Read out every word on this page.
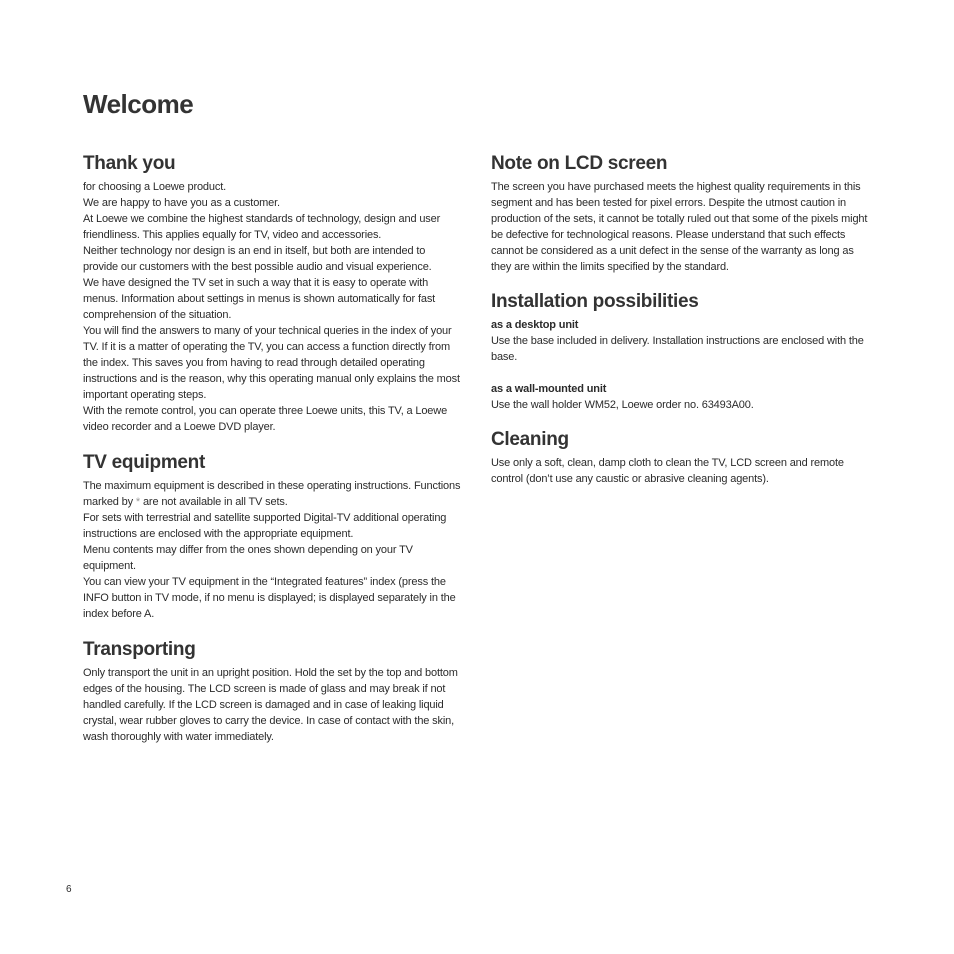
Welcome
Thank you

for choosing a Loewe product.

We are happy to have you as a customer.

At Loewe we combine the highest standards of technology, design and user friendliness. This applies equally for TV, video and accessories.

Neither technology nor design is an end in itself, but both are intended to provide our customers with the best possible audio and visual experience.

We have designed the TV set in such a way that it is easy to operate with menus. Information about settings in menus is shown automatically for fast comprehension of the situation.

You will find the answers to many of your technical queries in the index of your TV. If it is a matter of operating the TV, you can access a function directly from the index. This saves you from having to read through detailed operating instructions and is the reason, why this operating manual only explains the most important operating steps.

With the remote control, you can operate three Loewe units, this TV, a Loewe video recorder and a Loewe DVD player.

TV equipment

The maximum equipment is described in these operating instructions. Functions marked by * are not available in all TV sets.

For sets with terrestrial and satellite supported Digital-TV additional operating instructions are enclosed with the appropriate equipment.

Menu contents may differ from the ones shown depending on your TV equipment.

You can view your TV equipment in the “Integrated features” index (press the INFO button in TV mode, if no menu is displayed; is displayed separately in the index before A.

Transporting

Only transport the unit in an upright position. Hold the set by the top and bottom edges of the housing. The LCD screen is made of glass and may break if not handled carefully. If the LCD screen is damaged and in case of leaking liquid crystal, wear rubber gloves to carry the device. In case of contact with the skin, wash thoroughly with water immediately.

Note on LCD screen

The screen you have purchased meets the highest quality requirements in this segment and has been tested for pixel errors. Despite the utmost caution in production of the sets, it cannot be totally ruled out that some of the pixels might be defective for technological reasons. Please understand that such effects cannot be considered as a unit defect in the sense of the warranty as long as they are within the limits specified by the standard.

Installation possibilities

as a desktop unit

Use the base included in delivery. Installation instructions are enclosed with the base.

as a wall-mounted unit

Use the wall holder WM52, Loewe order no. 63493A00.

Cleaning

Use only a soft, clean, damp cloth to clean the TV, LCD screen and remote control (don’t use any caustic or abrasive cleaning agents).

6
